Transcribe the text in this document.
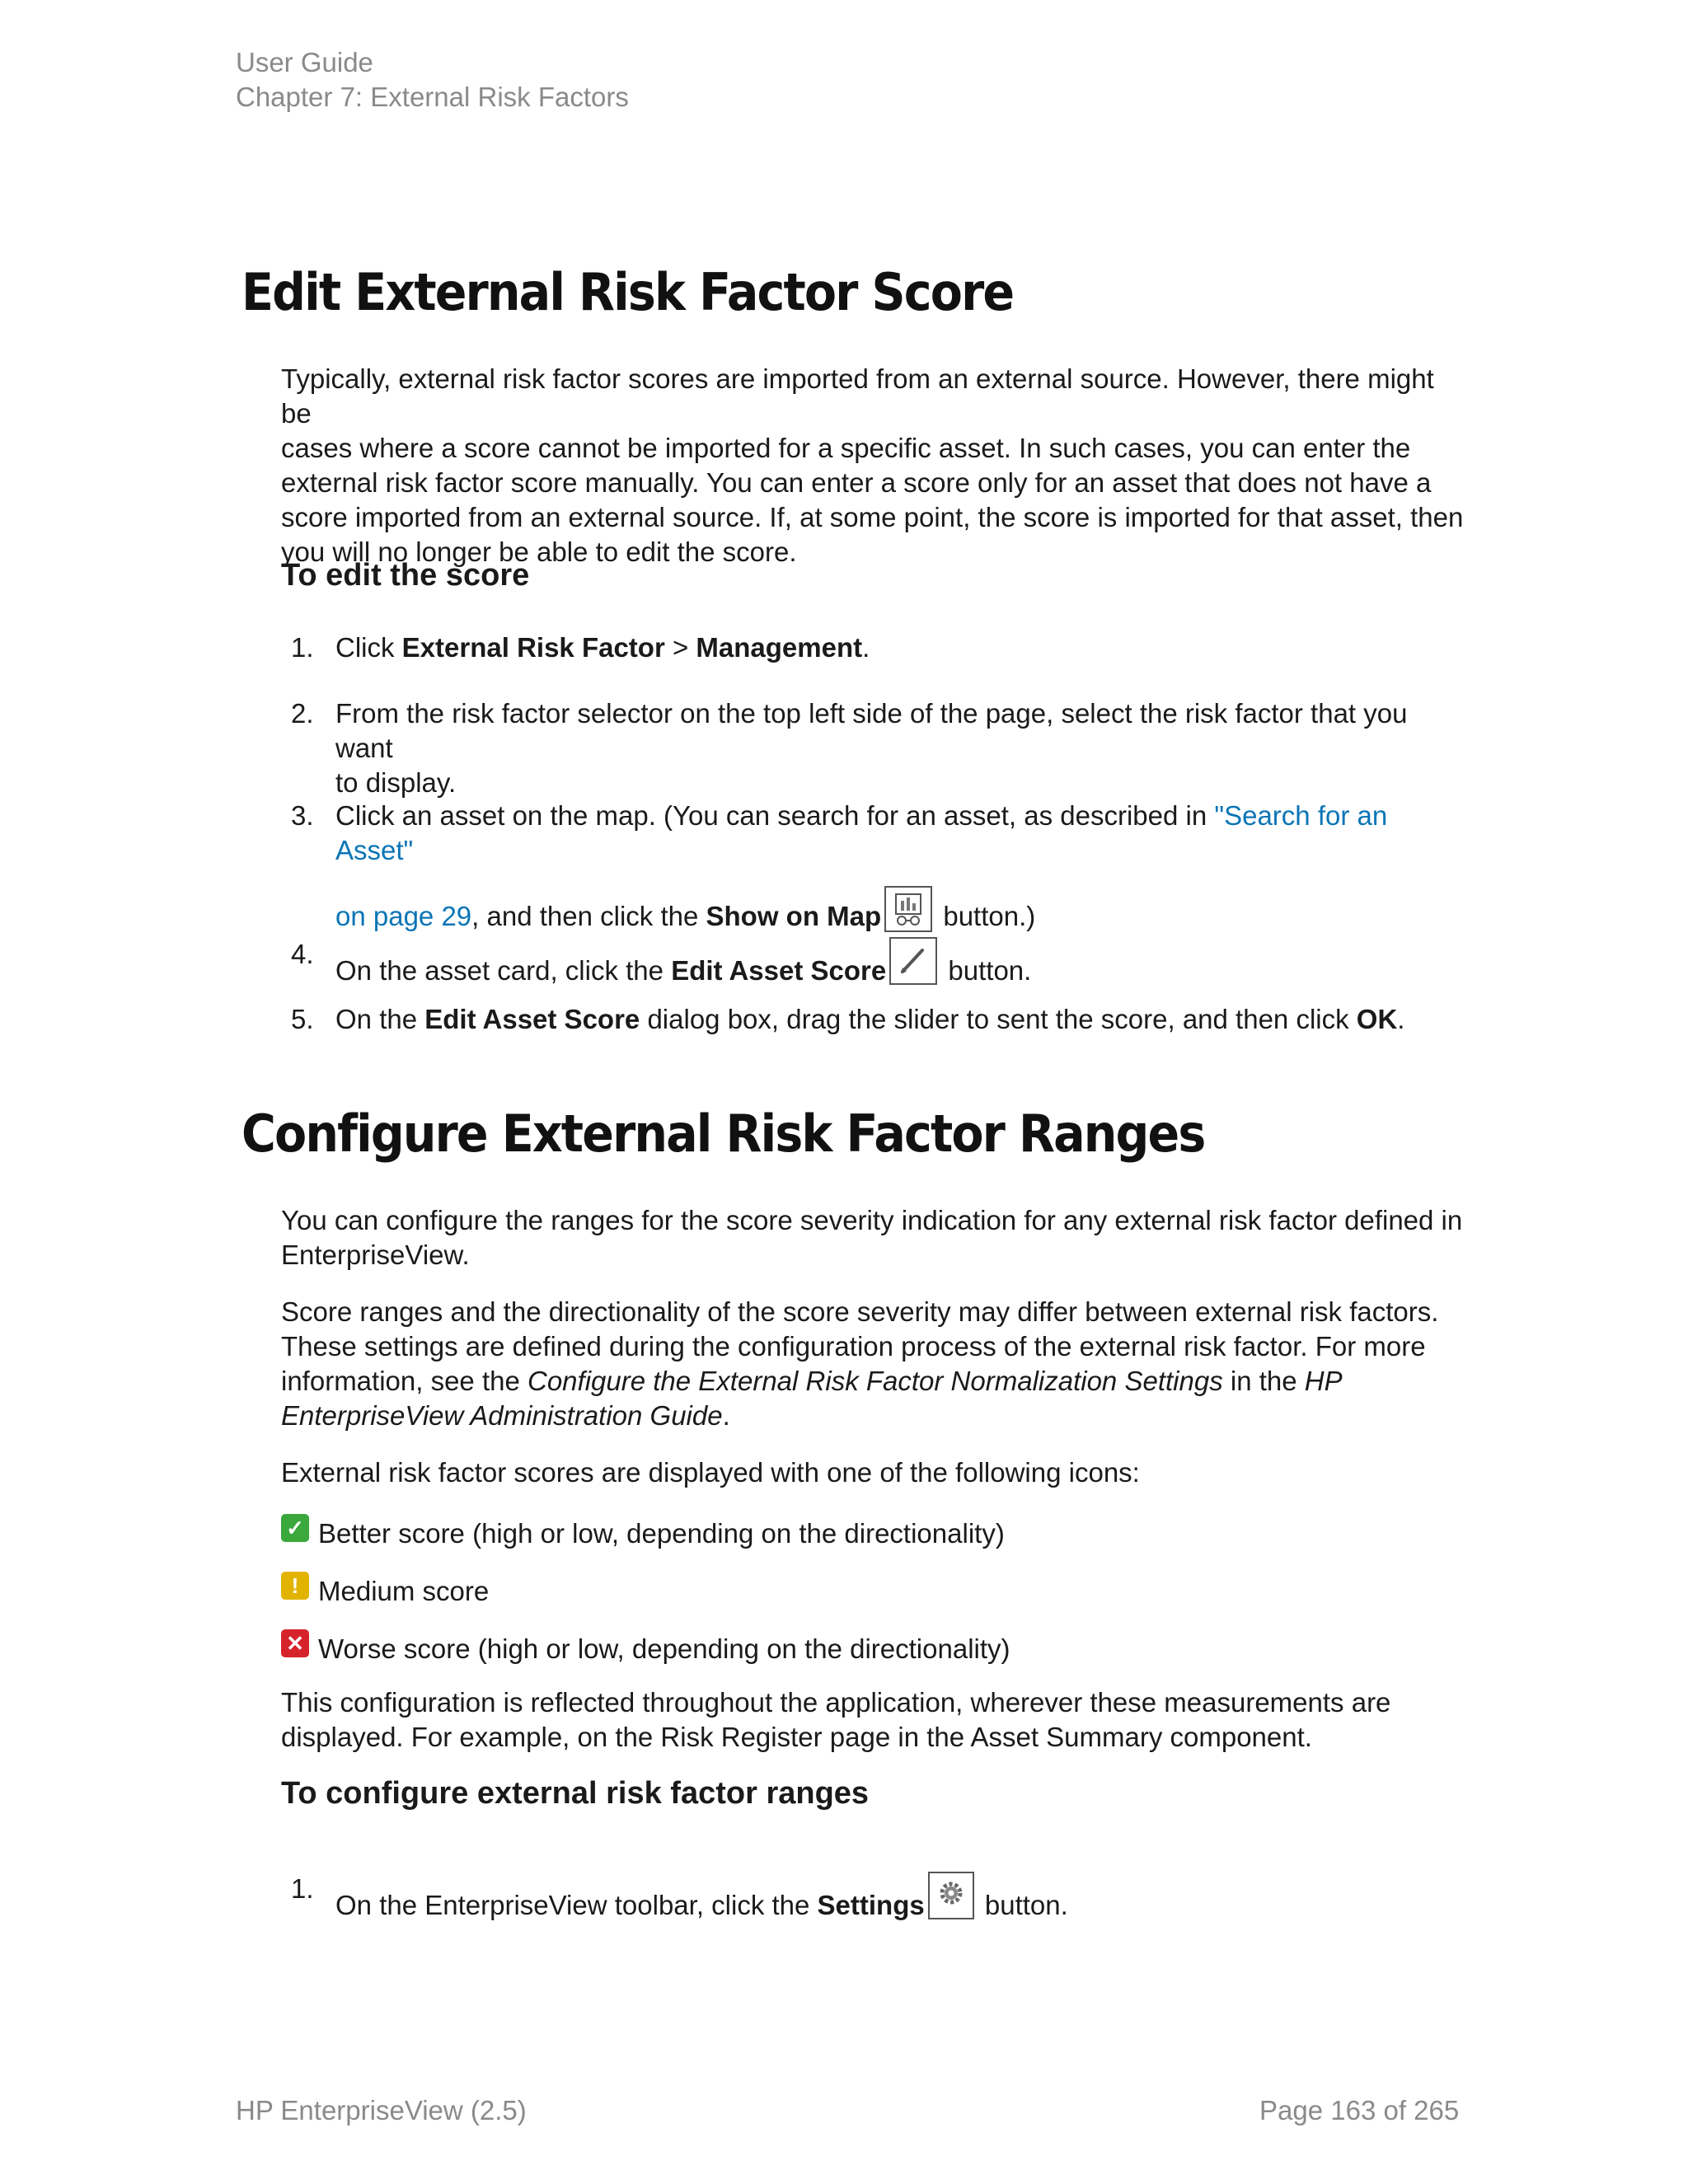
User Guide
Chapter 7: External Risk Factors
Edit External Risk Factor Score
Typically, external risk factor scores are imported from an external source. However, there might be
cases where a score cannot be imported for a specific asset. In such cases, you can enter the
external risk factor score manually. You can enter a score only for an asset that does not have a
score imported from an external source. If, at some point, the score is imported for that asset, then
you will no longer be able to edit the score.
To edit the score
1. Click External Risk Factor > Management.
2. From the risk factor selector on the top left side of the page, select the risk factor that you want
to display.
3. Click an asset on the map. (You can search for an asset, as described in "Search for an Asset"
on page 29, and then click the Show on Map
button.)
4.
On the asset card, click the Edit Asset Score
button.
5. On the Edit Asset Score dialog box, drag the slider to sent the score, and then click OK.
Configure External Risk Factor Ranges
You can configure the ranges for the score severity indication for any external risk factor defined in
EnterpriseView.
Score ranges and the directionality of the score severity may differ between external risk factors.
These settings are defined during the configuration process of the external risk factor. For more
information, see the Configure the External Risk Factor Normalization Settings in the HP
EnterpriseView Administration Guide.
External risk factor scores are displayed with one of the following icons:
✓ Better score (high or low, depending on the directionality)
! Medium score
✕ Worse score (high or low, depending on the directionality)
This configuration is reflected throughout the application, wherever these measurements are
displayed. For example, on the Risk Register page in the Asset Summary component.
To configure external risk factor ranges
1.
On the EnterpriseView toolbar, click the Settings
button.
HP EnterpriseView (2.5)	Page 163 of 265
